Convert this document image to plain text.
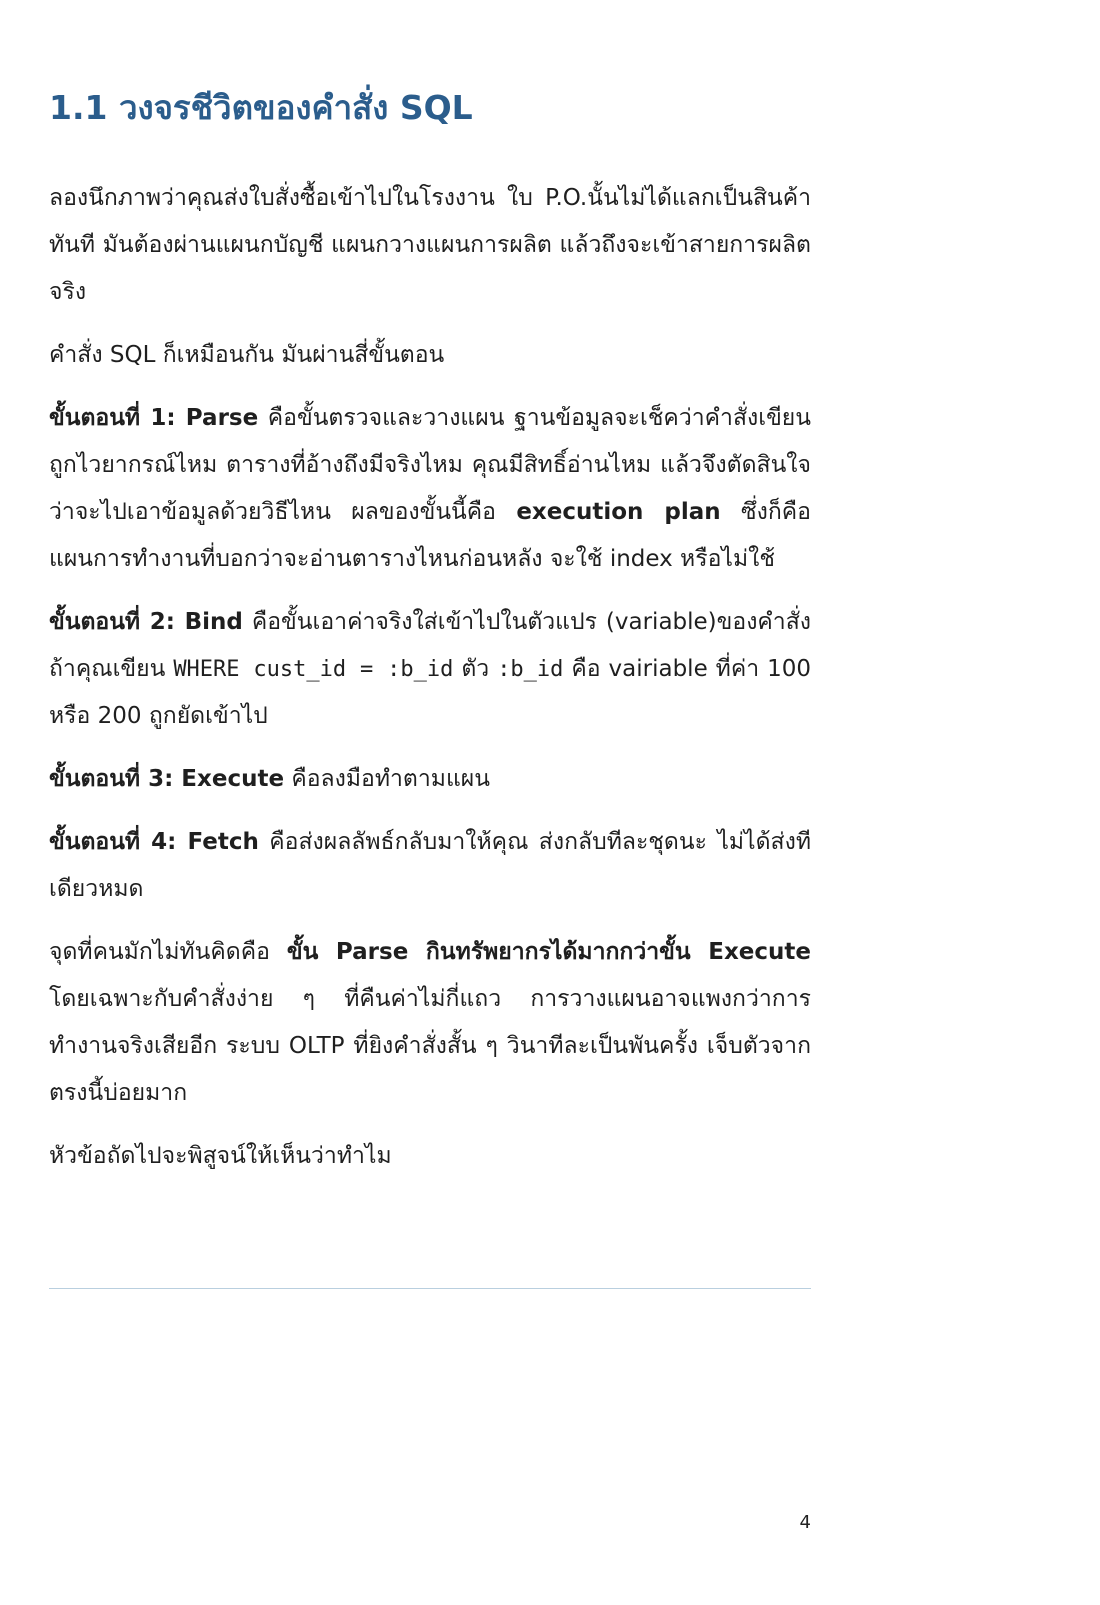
1.1 วงจรชีวิตของคำสั่ง SQL

ลองนึกภาพว่าคุณส่งใบสั่งซื้อเข้าไปในโรงงาน ใบ P.O.นั้นไม่ได้แลกเป็นสินค้าทันที มันต้องผ่านแผนกบัญชี แผนกวางแผนการผลิต แล้วถึงจะเข้าสายการผลิตจริง

คำสั่ง SQL ก็เหมือนกัน มันผ่านสี่ขั้นตอน

ขั้นตอนที่ 1: Parse คือขั้นตรวจและวางแผน ฐานข้อมูลจะเช็คว่าคำสั่งเขียนถูกไวยากรณ์ไหม ตารางที่อ้างถึงมีจริงไหม คุณมีสิทธิ์อ่านไหม แล้วจึงตัดสินใจว่าจะไปเอาข้อมูลด้วยวิธีไหน ผลของขั้นนี้คือ execution plan ซึ่งก็คือแผนการทำงานที่บอกว่าจะอ่านตารางไหนก่อนหลัง จะใช้ index หรือไม่ใช้

ขั้นตอนที่ 2: Bind คือขั้นเอาค่าจริงใส่เข้าไปในตัวแปร (variable)ของคำสั่ง ถ้าคุณเขียน WHERE cust_id = :b_id ตัว :b_id คือ vairiable ที่ค่า 100 หรือ 200 ถูกยัดเข้าไป

ขั้นตอนที่ 3: Execute คือลงมือทำตามแผน

ขั้นตอนที่ 4: Fetch คือส่งผลลัพธ์กลับมาให้คุณ ส่งกลับทีละชุดนะ ไม่ได้ส่งทีเดียวหมด

จุดที่คนมักไม่ทันคิดคือ ขั้น Parse กินทรัพยากรได้มากกว่าขั้น Execute โดยเฉพาะกับคำสั่งง่าย ๆ ที่คืนค่าไม่กี่แถว การวางแผนอาจแพงกว่าการทำงานจริงเสียอีก ระบบ OLTP ที่ยิงคำสั่งสั้น ๆ วินาทีละเป็นพันครั้ง เจ็บตัวจากตรงนี้บ่อยมาก

หัวข้อถัดไปจะพิสูจน์ให้เห็นว่าทำไม

4
